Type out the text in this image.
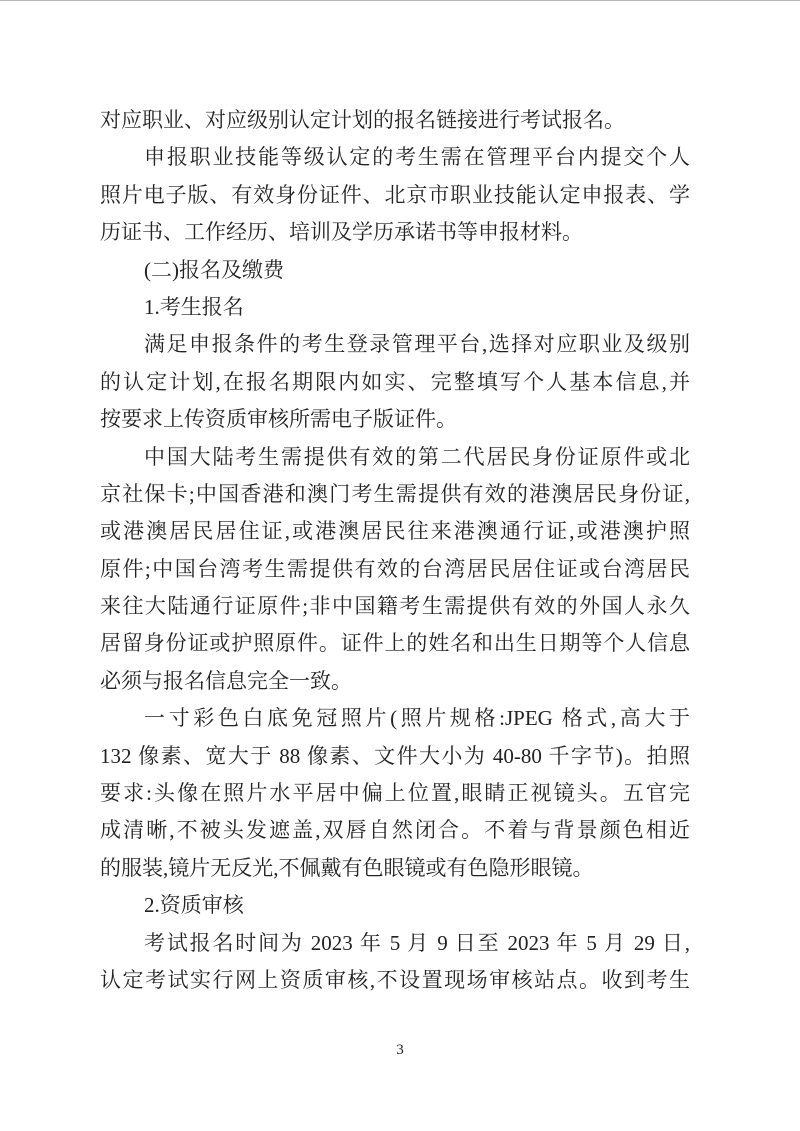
对应职业、对应级别认定计划的报名链接进行考试报名。
申报职业技能等级认定的考生需在管理平台内提交个人
照片电子版、有效身份证件、北京市职业技能认定申报表、学
历证书、工作经历、培训及学历承诺书等申报材料。
(二)报名及缴费
1.考生报名
满足申报条件的考生登录管理平台,选择对应职业及级别
的认定计划,在报名期限内如实、完整填写个人基本信息,并
按要求上传资质审核所需电子版证件。
中国大陆考生需提供有效的第二代居民身份证原件或北
京社保卡;中国香港和澳门考生需提供有效的港澳居民身份证,
或港澳居民居住证,或港澳居民往来港澳通行证,或港澳护照
原件;中国台湾考生需提供有效的台湾居民居住证或台湾居民
来往大陆通行证原件;非中国籍考生需提供有效的外国人永久
居留身份证或护照原件。证件上的姓名和出生日期等个人信息
必须与报名信息完全一致。
一寸彩色白底免冠照片(照片规格:JPEG 格式,高大于
132 像素、宽大于 88 像素、文件大小为 40-80 千字节)。拍照
要求:头像在照片水平居中偏上位置,眼睛正视镜头。五官完
成清晰,不被头发遮盖,双唇自然闭合。不着与背景颜色相近
的服装,镜片无反光,不佩戴有色眼镜或有色隐形眼镜。
2.资质审核
考试报名时间为 2023 年 5 月 9 日至 2023 年 5 月 29 日,
认定考试实行网上资质审核,不设置现场审核站点。收到考生
3
